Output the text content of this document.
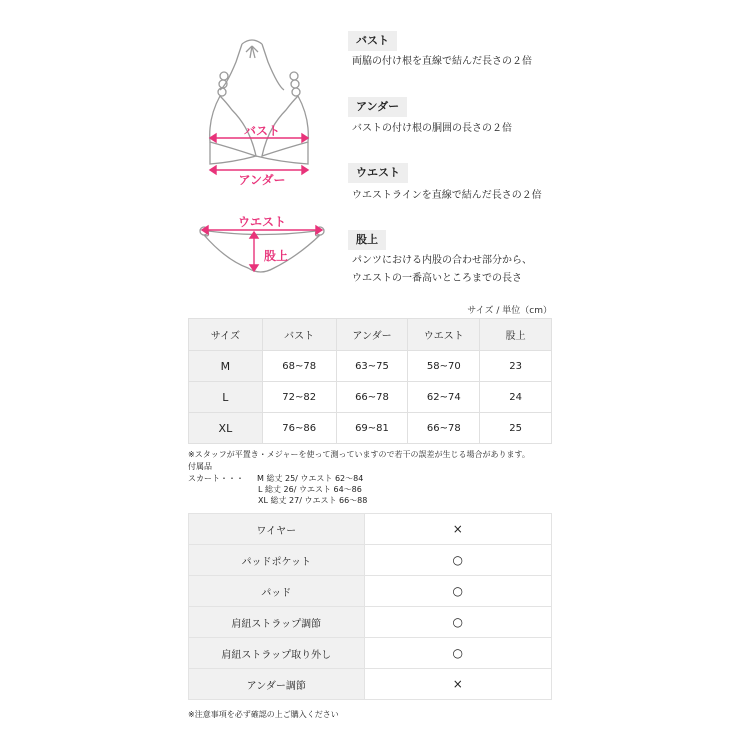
バスト
アンダー
ウエスト
股上
バスト
両脇の付け根を直線で結んだ長さの２倍
アンダー
バストの付け根の胴囲の長さの２倍
ウエスト
ウエストラインを直線で結んだ長さの２倍
股上
パンツにおける内股の合わせ部分から、
ウエストの一番高いところまでの長さ
サイズ / 単位（cm）
サイズ	バスト	アンダー	ウエスト	股上
M	68~78	63~75	58~70	23
L	72~82	66~78	62~74	24
XL	76~86	69~81	66~78	25
※スタッフが平置き・メジャーを使って測っていますので若干の誤差が生じる場合があります。
付属品
スカート・・・ M 総丈 25/ ウエスト 62～84
L 総丈 26/ ウエスト 64～86
XL 総丈 27/ ウエスト 66～88
ワイヤー	×
パッドポケット	○
パッド	○
肩紐ストラップ調節	○
肩紐ストラップ取り外し	○
アンダー調節	×
※注意事項を必ず確認の上ご購入ください
